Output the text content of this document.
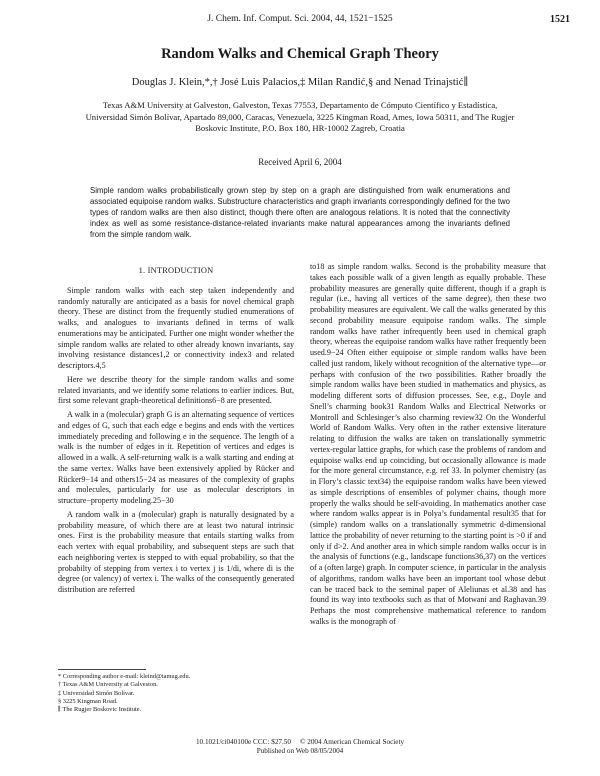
J. Chem. Inf. Comput. Sci. 2004, 44, 1521−1525	1521
Random Walks and Chemical Graph Theory
Douglas J. Klein,*,† José Luis Palacios,‡ Milan Randić,§ and Nenad Trinajstić∥
Texas A&M University at Galveston, Galveston, Texas 77553, Departamento de Cómputo Científico y Estadística, Universidad Simón Bolívar, Apartado 89,000, Caracas, Venezuela, 3225 Kingman Road, Ames, Iowa 50311, and The Rugjer Boskovic Institute, P.O. Box 180, HR-10002 Zagreb, Croatia
Received April 6, 2004
Simple random walks probabilistically grown step by step on a graph are distinguished from walk enumerations and associated equipoise random walks. Substructure characteristics and graph invariants correspondingly defined for the two types of random walks are then also distinct, though there often are analogous relations. It is noted that the connectivity index as well as some resistance-distance-related invariants make natural appearances among the invariants defined from the simple random walk.
1. INTRODUCTION

Simple random walks with each step taken independently and randomly naturally are anticipated as a basis for novel chemical graph theory. These are distinct from the frequently studied enumerations of walks, and analogues to invariants defined in terms of walk enumerations may be anticipated. Further one might wonder whether the simple random walks are related to other already known invariants, say involving resistance distances1,2 or connectivity index3 and related descriptors.4,5

Here we describe theory for the simple random walks and some related invariants, and we identify some relations to earlier indices. But, first some relevant graph-theoretical definitions6−8 are presented.

A walk in a (molecular) graph G is an alternating sequence of vertices and edges of G, such that each edge e begins and ends with the vertices immediately preceding and following e in the sequence. The length of a walk is the number of edges in it. Repetition of vertices and edges is allowed in a walk. A self-returning walk is a walk starting and ending at the same vertex. Walks have been extensively applied by Rücker and Rücker9−14 and others15−24 as measures of the complexity of graphs and molecules, particularly for use as molecular descriptors in structure−property modeling.25−30

A random walk in a (molecular) graph is naturally designated by a probability measure, of which there are at least two natural intrinsic ones. First is the probability measure that entails starting walks from each vertex with equal probability, and subsequent steps are such that each neighboring vertex is stepped to with equal probability, so that the probabilty of stepping from vertex i to vertex j is 1/di, where di is the degree (or valency) of vertex i. The walks of the consequently generated distribution are referred

to18 as simple random walks. Second is the probability measure that takes each possible walk of a given length as equally probable. These probability measures are generally quite different, though if a graph is regular (i.e., having all vertices of the same degree), then these two probability measures are equivalent. We call the walks generated by this second probability measure equipoise random walks. The simple random walks have rather infrequently been used in chemical graph theory, whereas the equipoise random walks have rather frequently been used.9−24 Often either equipoise or simple random walks have been called just random, likely without recognition of the alternative type—or perhaps with confusion of the two possibilities. Rather broadly the simple random walks have been studied in mathematics and physics, as modeling different sorts of diffusion processes. See, e.g., Doyle and Snell’s charming book31 Random Walks and Electrical Networks or Montroll and Schlesinger’s also charming review32 On the Wonderful World of Random Walks. Very often in the rather extensive literature relating to diffusion the walks are taken on translationally symmetric vertex-regular lattice graphs, for which case the problems of random and equipoise walks end up coinciding, but occasionally allowance is made for the more general circumstance, e.g. ref 33. In polymer chemistry (as in Flory’s classic text34) the equipoise random walks have been viewed as simple descriptions of ensembles of polymer chains, though more properly the walks should be self-avoiding. In mathematics another case where random walks appear is in Polya’s fundamental result35 that for (simple) random walks on a translationally symmetric d-dimensional lattice the probability of never returning to the starting point is >0 if and only if d>2. And another area in which simple random walks occur is in the analysis of functions (e.g., landscape functions36,37) on the vertices of a (often large) graph. In computer science, in particular in the analysis of algorithms, random walks have been an important tool whose debut can be traced back to the seminal paper of Aleliunas et al.38 and has found its way into textbooks such as that of Motwani and Raghavan.39 Perhaps the most comprehensive mathematical reference to random walks is the monograph of

* Corresponding author e-mail: kleind@tamug.edu.
† Texas A&M University at Galveston.
‡ Universidad Simón Bolívar.
§ 3225 Kingman Road.
∥ The Rugjer Boskovic Institute.
10.1021/ci040100e CCC: $27.50     © 2004 American Chemical Society
Published on Web 08/05/2004
